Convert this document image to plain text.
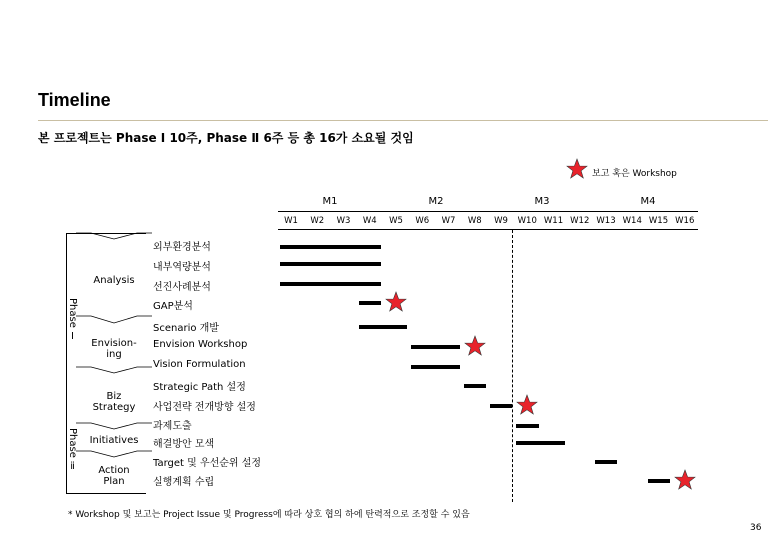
Timeline
본 프로젝트는 Phase Ⅰ 10주, Phase Ⅱ 6주 등 총 16가 소요될 것임
보고 혹은 Workshop
M1	M2	M3	M4
W1	W2	W3	W4	W5	W6	W7	W8	W9	W10 W11 W12 W13 W14 W15 W16
Phase Ⅰ
Phase ⅱ
Analysis
Envision-
ing
Biz
Strategy
Initiatives
Action
Plan
외부환경분석
내부역량분석
선진사례분석
GAP분석
Scenario 개발
Envision Workshop
Vision Formulation
Strategic Path 설정
사업전략 전개방향 설정
과제도출
해결방안 모색
Target 및 우선순위 설정
실행계획 수립
* Workshop 및 보고는 Project Issue 및 Progress에 따라 상호 협의 하에 탄력적으로 조정할 수 있음
36
